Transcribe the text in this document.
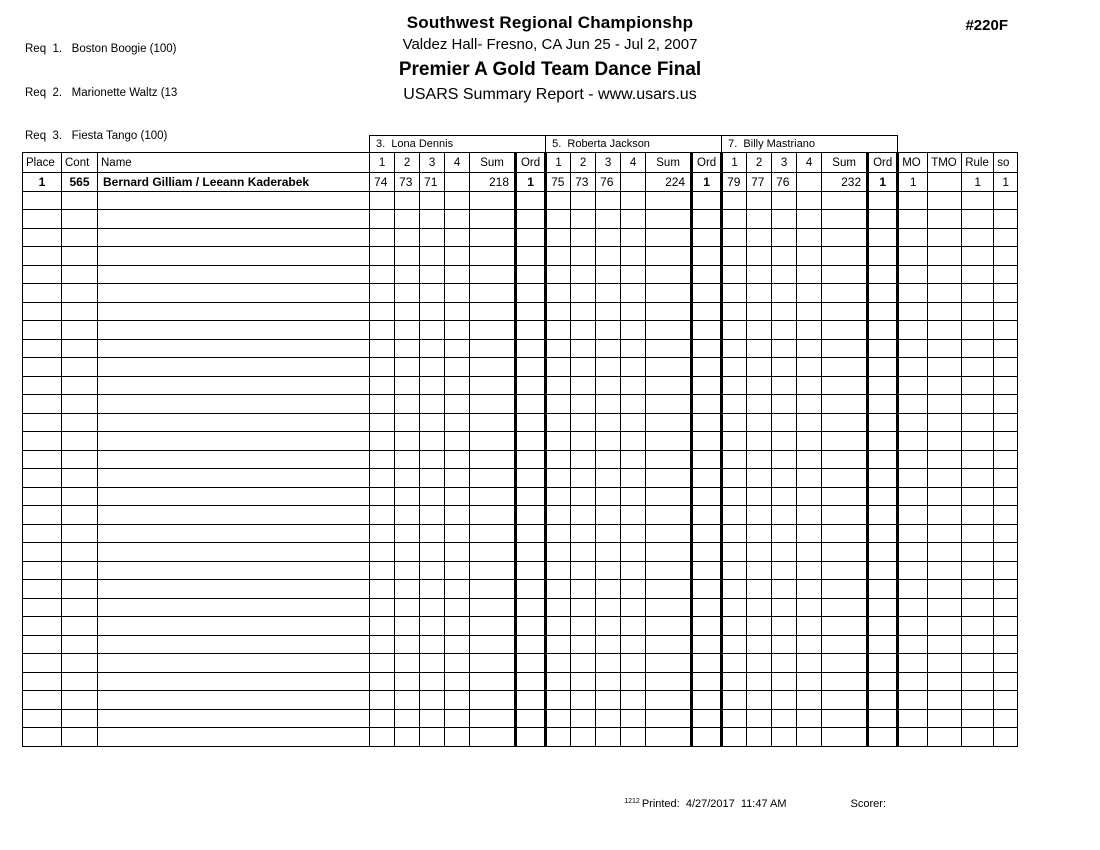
Req  1.   Boston Boogie (100)

Req  2.   Marionette Waltz (13

Req  3.   Fiesta Tango (100)

Southwest Regional Championshp
Valdez Hall- Fresno, CA Jun 25 - Jul 2, 2007
Premier A Gold Team Dance Final
USARS Summary Report - www.usars.us
#220F
			3.  Lona Dennis						5.  Roberta Jackson						7.  Billy Mastriano									
Place	Cont	Name	1	2	3	4	Sum	Ord	1	2	3	4	Sum	Ord	1	2	3	4	Sum	Ord	MO	TMO	Rule	so
1	565	Bernard Gilliam / Leeann Kaderabek	74	73	71		218	1	75	73	76		224	1	79	77	76		232	1	1		1	1

$^{1212}$ Printed:  4/27/2017  11:47 AM	Scorer:
